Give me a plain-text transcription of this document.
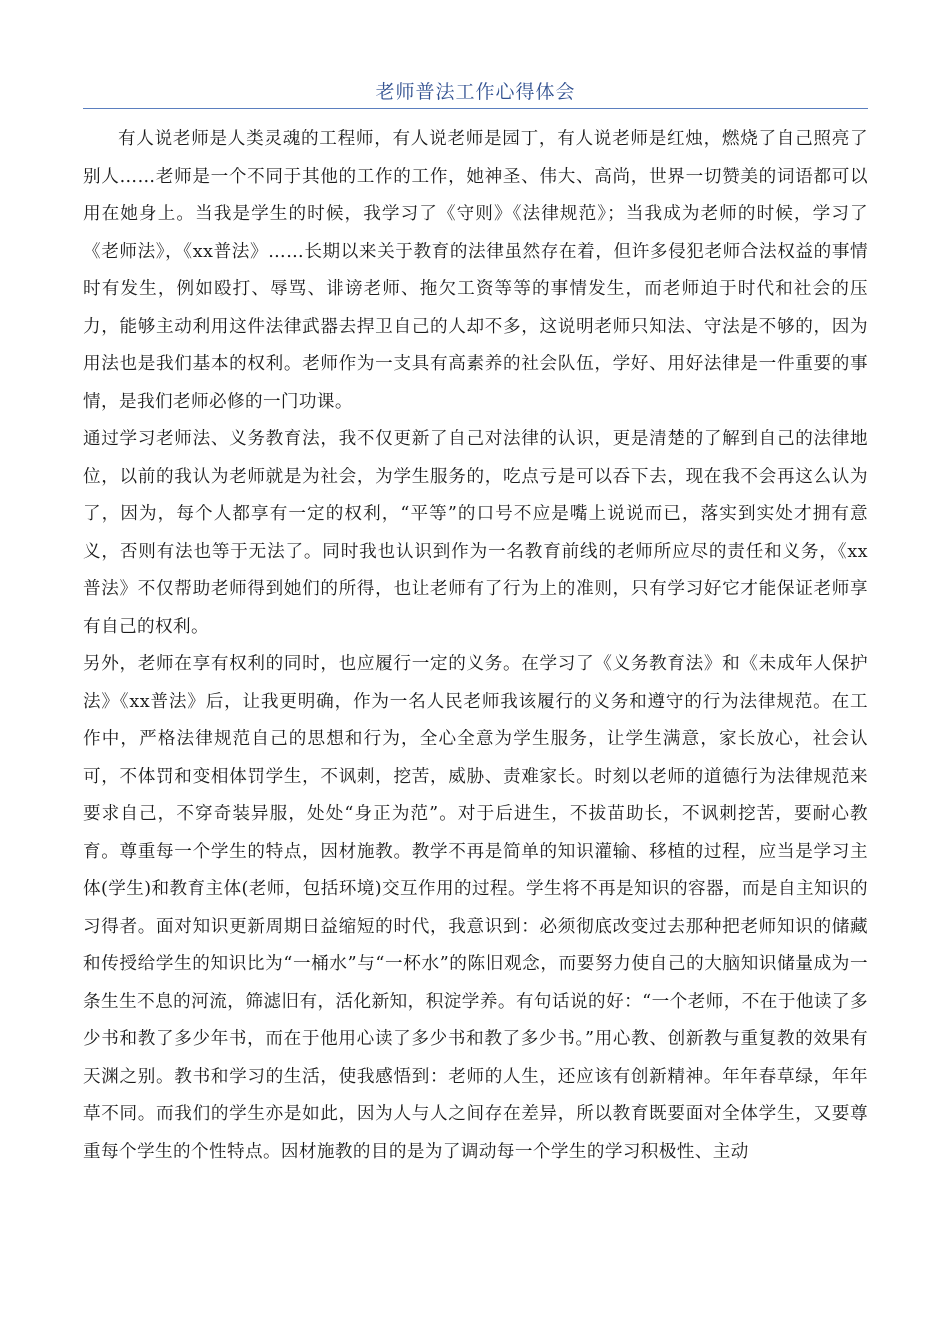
老师普法工作心得体会

有人说老师是人类灵魂的工程师，有人说老师是园丁，有人说老师是红烛，燃烧了自己照亮了别人……老师是一个不同于其他的工作的工作，她神圣、伟大、高尚，世界一切赞美的词语都可以用在她身上。当我是学生的时候，我学习了《守则》《法律规范》；当我成为老师的时候，学习了《老师法》，《xx普法》……长期以来关于教育的法律虽然存在着，但许多侵犯老师合法权益的事情时有发生，例如殴打、辱骂、诽谤老师、拖欠工资等等的事情发生，而老师迫于时代和社会的压力，能够主动利用这件法律武器去捍卫自己的人却不多，这说明老师只知法、守法是不够的，因为用法也是我们基本的权利。老师作为一支具有高素养的社会队伍，学好、用好法律是一件重要的事情，是我们老师必修的一门功课。

通过学习老师法、义务教育法，我不仅更新了自己对法律的认识，更是清楚的了解到自己的法律地位，以前的我认为老师就是为社会，为学生服务的，吃点亏是可以吞下去，现在我不会再这么认为了，因为，每个人都享有一定的权利，“平等”的口号不应是嘴上说说而已，落实到实处才拥有意义，否则有法也等于无法了。同时我也认识到作为一名教育前线的老师所应尽的责任和义务，《xx普法》不仅帮助老师得到她们的所得，也让老师有了行为上的准则，只有学习好它才能保证老师享有自己的权利。

另外，老师在享有权利的同时，也应履行一定的义务。在学习了《义务教育法》和《未成年人保护法》《xx普法》后，让我更明确，作为一名人民老师我该履行的义务和遵守的行为法律规范。在工作中，严格法律规范自己的思想和行为，全心全意为学生服务，让学生满意，家长放心，社会认可，不体罚和变相体罚学生，不讽刺，挖苦，威胁、责难家长。时刻以老师的道德行为法律规范来要求自己，不穿奇装异服，处处“身正为范”。对于后进生，不拔苗助长，不讽刺挖苦，要耐心教育。尊重每一个学生的特点，因材施教。教学不再是简单的知识灌输、移植的过程，应当是学习主体(学生)和教育主体(老师，包括环境)交互作用的过程。学生将不再是知识的容器，而是自主知识的习得者。面对知识更新周期日益缩短的时代，我意识到：必须彻底改变过去那种把老师知识的储藏和传授给学生的知识比为“一桶水”与“一杯水”的陈旧观念，而要努力使自己的大脑知识储量成为一条生生不息的河流，筛滤旧有，活化新知，积淀学养。有句话说的好：“一个老师，不在于他读了多少书和教了多少年书，而在于他用心读了多少书和教了多少书。”用心教、创新教与重复教的效果有天渊之别。教书和学习的生活，使我感悟到：老师的人生，还应该有创新精神。年年春草绿，年年草不同。而我们的学生亦是如此，因为人与人之间存在差异，所以教育既要面对全体学生，又要尊重每个学生的个性特点。因材施教的目的是为了调动每一个学生的学习积极性、主动
